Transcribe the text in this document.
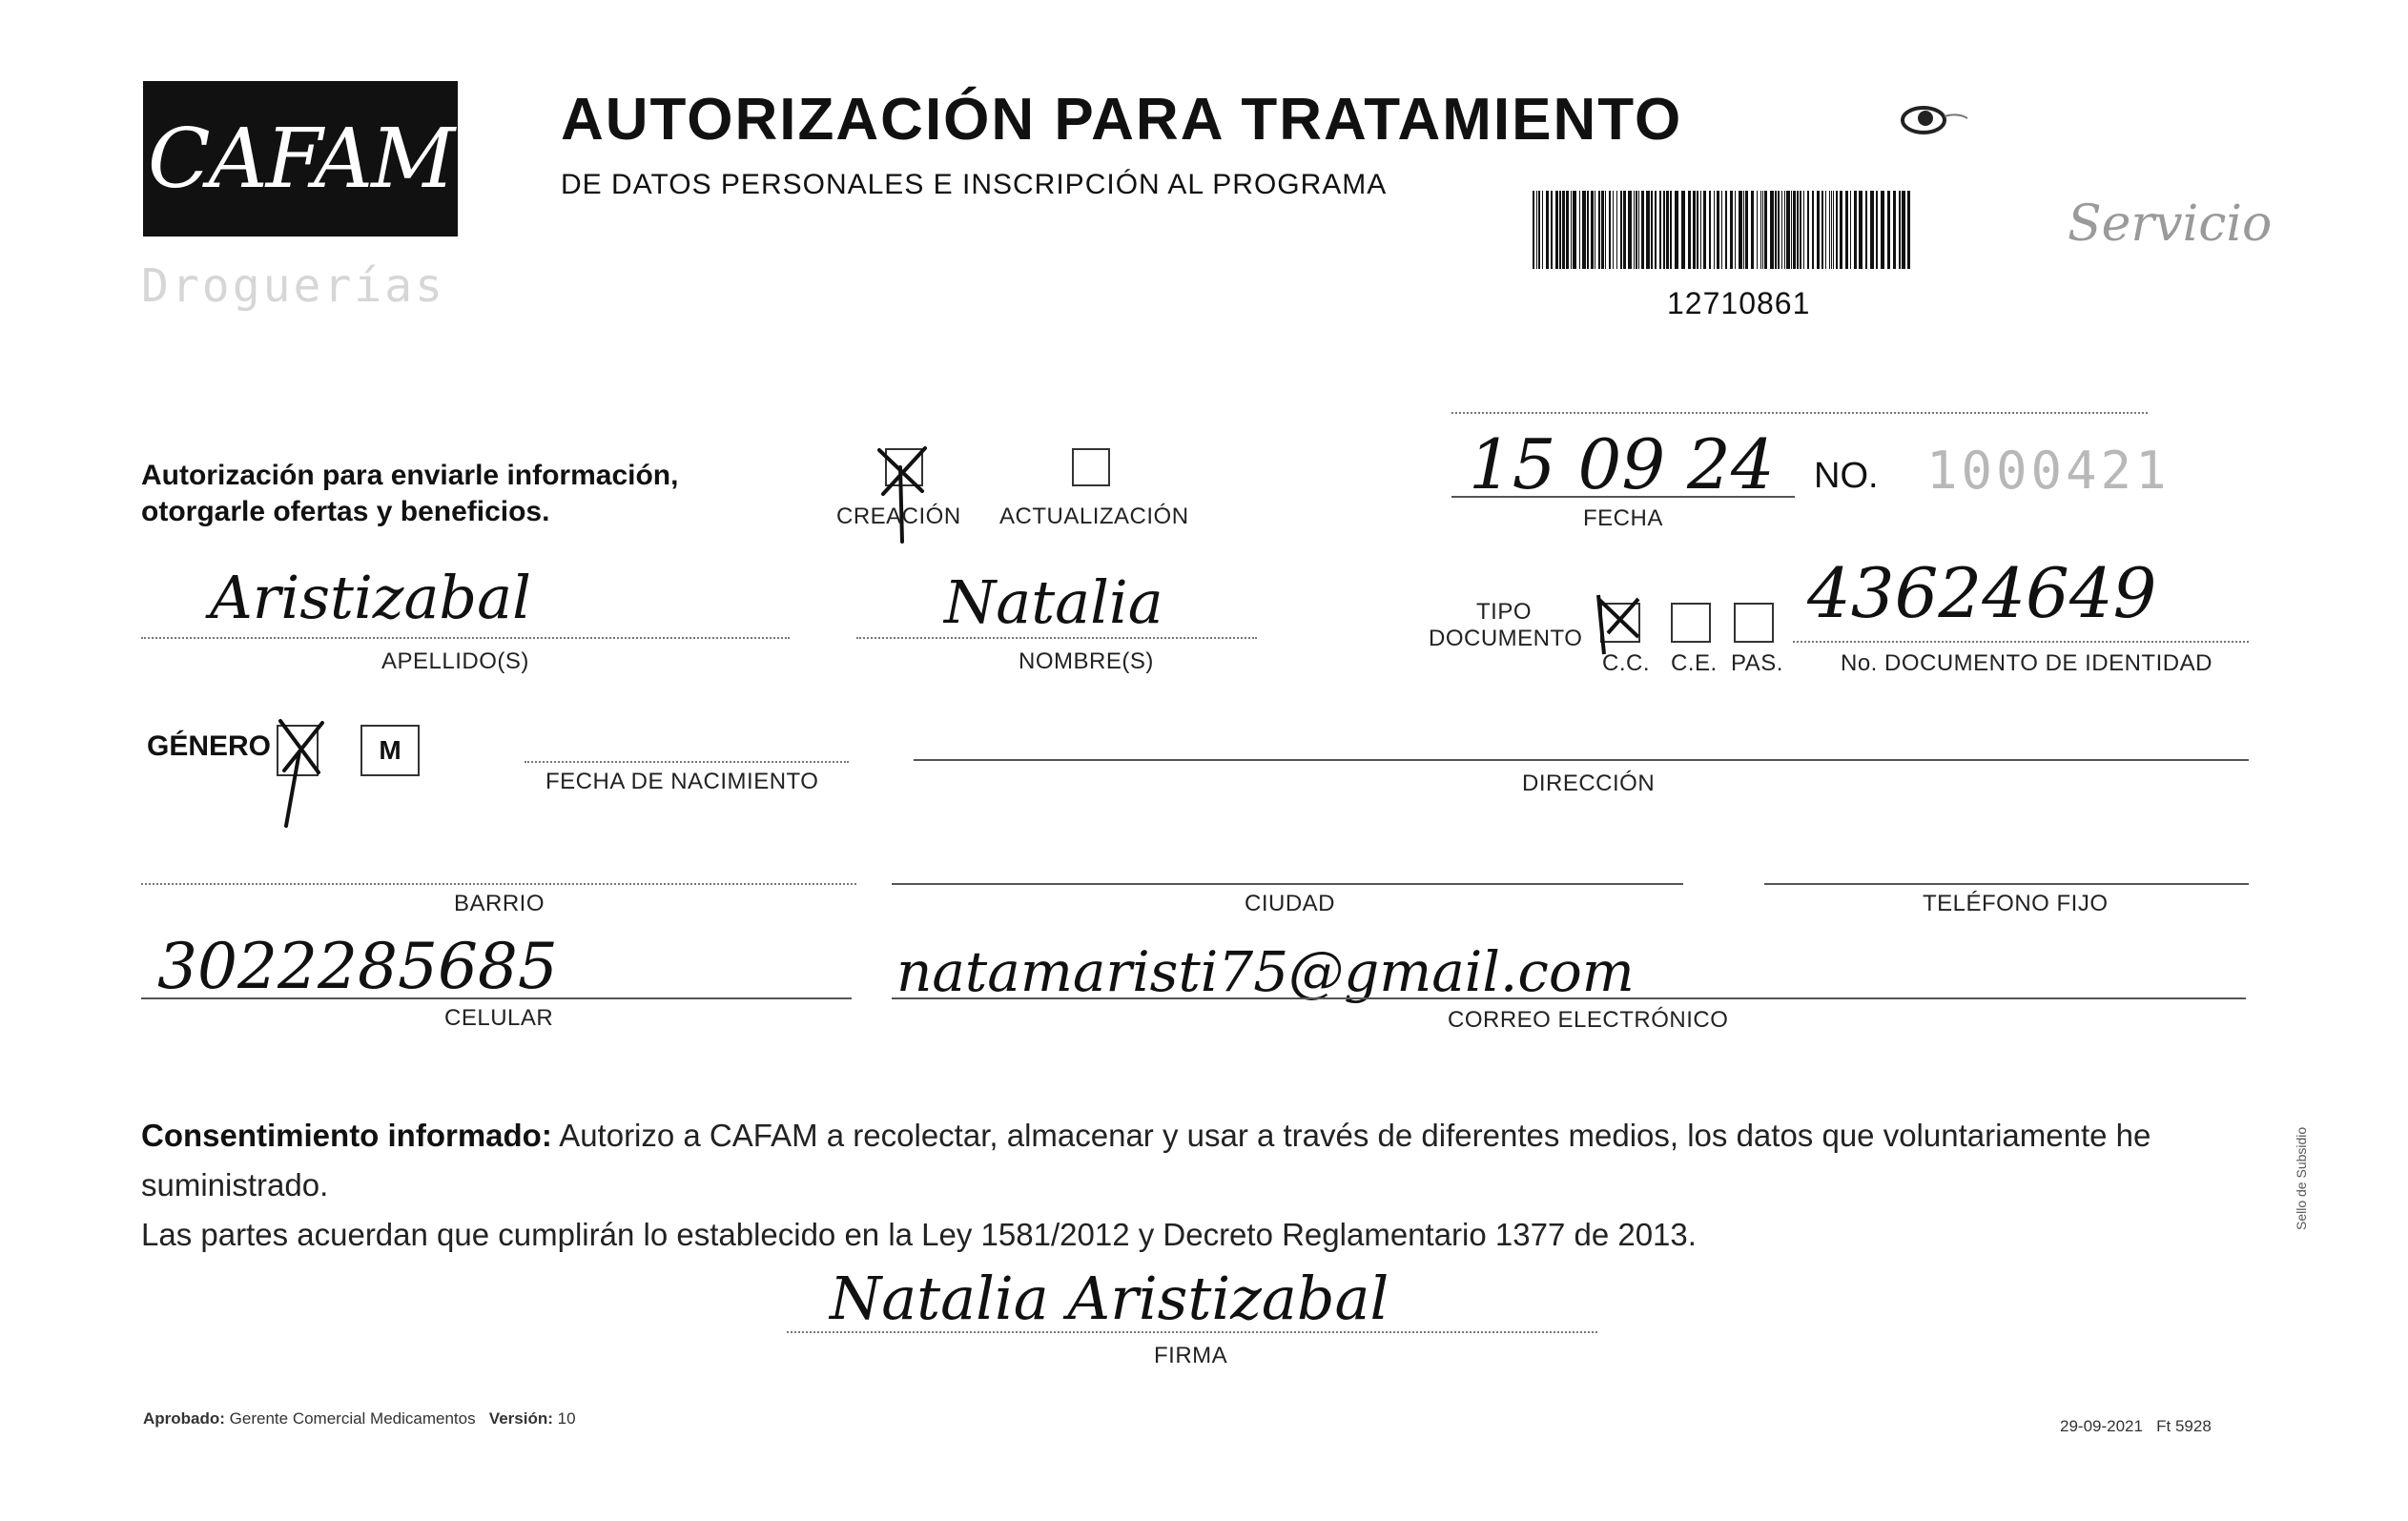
CAFAM
Droguerías
AUTORIZACIÓN PARA TRATAMIENTO
DE DATOS PERSONALES E INSCRIPCIÓN AL PROGRAMA
12710861
Servicio
Autorización para enviarle información, otorgarle ofertas y beneficios.	CREACIÓN ACTUALIZACIÓN
15 09 24
FECHA
NO. 1000421
Aristizabal
APELLIDO(S)
Natalia
NOMBRE(S)
TIPO
DOCUMENTO
C.C. C.E. PAS.
43624649
No. DOCUMENTO DE IDENTIDAD
GÉNERO	M
FECHA DE NACIMIENTO	DIRECCIÓN
BARRIO	CIUDAD	TELÉFONO FIJO
3022285685
CELULAR
natamaristi75@gmail.com
CORREO ELECTRÓNICO
Consentimiento informado: Autorizo a CAFAM a recolectar, almacenar y usar a través de diferentes medios, los datos que voluntariamente he suministrado.
Las partes acuerdan que cumplirán lo establecido en la Ley 1581/2012 y Decreto Reglamentario 1377 de 2013.
Natalia Aristizabal
FIRMA
Aprobado: Gerente Comercial Medicamentos Versión: 10	29-09-2021 Ft 5928
Sello de Subsidio
